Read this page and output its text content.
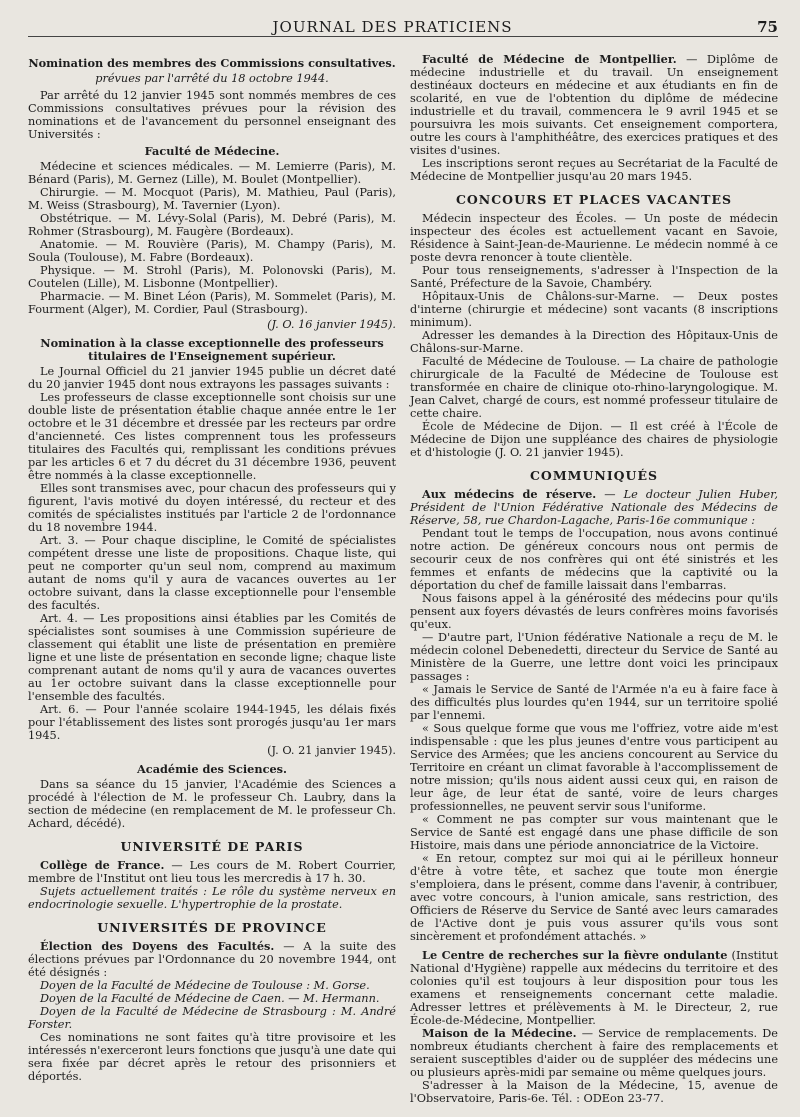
JOURNAL DES PRATICIENS	75
Nomination des membres des Commissions consultatives.
prévues par l'arrêté du 18 octobre 1944.

Par arrêté du 12 janvier 1945 sont nommés membres de ces Commissions consultatives prévues pour la révision des nominations et de l'avancement du personnel enseignant des Universités :

Faculté de Médecine.

Médecine et sciences médicales. — M. Lemierre (Paris), M. Bénard (Paris), M. Gernez (Lille), M. Boulet (Montpellier).

Chirurgie. — M. Mocquot (Paris), M. Mathieu, Paul (Paris), M. Weiss (Strasbourg), M. Tavernier (Lyon).

Obstétrique. — M. Lévy-Solal (Paris), M. Debré (Paris), M. Rohmer (Strasbourg), M. Faugère (Bordeaux).

Anatomie. — M. Rouvière (Paris), M. Champy (Paris), M. Soula (Toulouse), M. Fabre (Bordeaux).

Physique. — M. Strohl (Paris), M. Polonovski (Paris), M. Coutelen (Lille), M. Lisbonne (Montpellier).

Pharmacie. — M. Binet Léon (Paris), M. Sommelet (Paris), M. Fourment (Alger), M. Cordier, Paul (Strasbourg).

(J. O. 16 janvier 1945).
Nomination à la classe exceptionnelle des professeurs titulaires de l'Enseignement supérieur.

Le Journal Officiel du 21 janvier 1945 publie un décret daté du 20 janvier 1945 dont nous extrayons les passages suivants :

Les professeurs de classe exceptionnelle sont choisis sur une double liste de présentation établie chaque année entre le 1er octobre et le 31 décembre et dressée par les recteurs par ordre d'ancienneté. Ces listes comprennent tous les professeurs titulaires des Facultés qui, remplissant les conditions prévues par les articles 6 et 7 du décret du 31 décembre 1936, peuvent être nommés à la classe exceptionnelle.

Elles sont transmises avec, pour chacun des professeurs qui y figurent, l'avis motivé du doyen intéressé, du recteur et des comités de spécialistes institués par l'article 2 de l'ordonnance du 18 novembre 1944.

Art. 3. — Pour chaque discipline, le Comité de spécialistes compétent dresse une liste de propositions. Chaque liste, qui peut ne comporter qu'un seul nom, comprend au maximum autant de noms qu'il y aura de vacances ouvertes au 1er octobre suivant, dans la classe exceptionnelle pour l'ensemble des facultés.

Art. 4. — Les propositions ainsi établies par les Comités de spécialistes sont soumises à une Commission supérieure de classement qui établit une liste de présentation en première ligne et une liste de présentation en seconde ligne; chaque liste comprenant autant de noms qu'il y aura de vacances ouvertes au 1er octobre suivant dans la classe exceptionnelle pour l'ensemble des facultés.

Art. 6. — Pour l'année scolaire 1944-1945, les délais fixés pour l'établissement des listes sont prorogés jusqu'au 1er mars 1945.

(J. O. 21 janvier 1945).
Académie des Sciences.

Dans sa séance du 15 janvier, l'Académie des Sciences a procédé à l'élection de M. le professeur Ch. Laubry, dans la section de médecine (en remplacement de M. le professeur Ch. Achard, décédé).

UNIVERSITÉ DE PARIS

Collège de France. — Les cours de M. Robert Courrier, membre de l'Institut ont lieu tous les mercredis à 17 h. 30.

Sujets actuellement traités : Le rôle du système nerveux en endocrinologie sexuelle. L'hypertrophie de la prostate.

UNIVERSITÉS DE PROVINCE

Élection des Doyens des Facultés. — A la suite des élections prévues par l'Ordonnance du 20 novembre 1944, ont été désignés :

Doyen de la Faculté de Médecine de Toulouse : M. Gorse.

Doyen de la Faculté de Médecine de Caen. — M. Hermann.

Doyen de la Faculté de Médecine de Strasbourg : M. André Forster.

Ces nominations ne sont faites qu'à titre provisoire et les intéressés n'exerceront leurs fonctions que jusqu'à une date qui sera fixée par décret après le retour des prisonniers et déportés.

Faculté de Médecine de Montpellier. — Diplôme de médecine industrielle et du travail. Un enseignement destinéaux docteurs en médecine et aux étudiants en fin de scolarité, en vue de l'obtention du diplôme de médecine industrielle et du travail, commencera le 9 avril 1945 et se poursuivra les mois suivants. Cet enseignement comportera, outre les cours à l'amphithéâtre, des exercices pratiques et des visites d'usines.

Les inscriptions seront reçues au Secrétariat de la Faculté de Médecine de Montpellier jusqu'au 20 mars 1945.

CONCOURS ET PLACES VACANTES

Médecin inspecteur des Écoles. — Un poste de médecin inspecteur des écoles est actuellement vacant en Savoie, Résidence à Saint-Jean-de-Maurienne. Le médecin nommé à ce poste devra renoncer à toute clientèle.

Pour tous renseignements, s'adresser à l'Inspection de la Santé, Préfecture de la Savoie, Chambéry.

Hôpitaux-Unis de Châlons-sur-Marne. — Deux postes d'interne (chirurgie et médecine) sont vacants (8 inscriptions minimum).

Adresser les demandes à la Direction des Hôpitaux-Unis de Châlons-sur-Marne.

Faculté de Médecine de Toulouse. — La chaire de pathologie chirurgicale de la Faculté de Médecine de Toulouse est transformée en chaire de clinique oto-rhino-laryngologique. M. Jean Calvet, chargé de cours, est nommé professeur titulaire de cette chaire.

École de Médecine de Dijon. — Il est créé à l'École de Médecine de Dijon une suppléance des chaires de physiologie et d'histologie (J. O. 21 janvier 1945).

COMMUNIQUÉS

Aux médecins de réserve. — Le docteur Julien Huber, Président de l'Union Fédérative Nationale des Médecins de Réserve, 58, rue Chardon-Lagache, Paris-16e communique :

Pendant tout le temps de l'occupation, nous avons continué notre action. De généreux concours nous ont permis de secourir ceux de nos confrères qui ont été sinistrés et les femmes et enfants de médecins que la captivité ou la déportation du chef de famille laissait dans l'embarras.

Nous faisons appel à la générosité des médecins pour qu'ils pensent aux foyers dévastés de leurs confrères moins favorisés qu'eux.

— D'autre part, l'Union fédérative Nationale a reçu de M. le médecin colonel Debenedetti, directeur du Service de Santé au Ministère de la Guerre, une lettre dont voici les principaux passages :

« Jamais le Service de Santé de l'Armée n'a eu à faire face à des difficultés plus lourdes qu'en 1944, sur un territoire spolié par l'ennemi.

« Sous quelque forme que vous me l'offriez, votre aide m'est indispensable : que les plus jeunes d'entre vous participent au Service des Armées; que les anciens concourent au Service du Territoire en créant un climat favorable à l'accomplissement de notre mission; qu'ils nous aident aussi ceux qui, en raison de leur âge, de leur état de santé, voire de leurs charges professionnelles, ne peuvent servir sous l'uniforme.

« Comment ne pas compter sur vous maintenant que le Service de Santé est engagé dans une phase difficile de son Histoire, mais dans une période annonciatrice de la Victoire.

« En retour, comptez sur moi qui ai le périlleux honneur d'être à votre tête, et sachez que toute mon énergie s'emploiera, dans le présent, comme dans l'avenir, à contribuer, avec votre concours, à l'union amicale, sans restriction, des Officiers de Réserve du Service de Santé avec leurs camarades de l'Active dont je puis vous assurer qu'ils vous sont sincèrement et profondément attachés. »

Le Centre de recherches sur la fièvre ondulante (Institut National d'Hygiène) rappelle aux médecins du territoire et des colonies qu'il est toujours à leur disposition pour tous les examens et renseignements concernant cette maladie. Adresser lettres et prélèvements à M. le Directeur, 2, rue École-de-Médecine, Montpellier.

Maison de la Médecine. — Service de remplacements. De nombreux étudiants cherchent à faire des remplacements et seraient susceptibles d'aider ou de suppléer des médecins une ou plusieurs après-midi par semaine ou même quelques jours.

S'adresser à la Maison de la Médecine, 15, avenue de l'Observatoire, Paris-6e. Tél. : ODEon 23-77.
